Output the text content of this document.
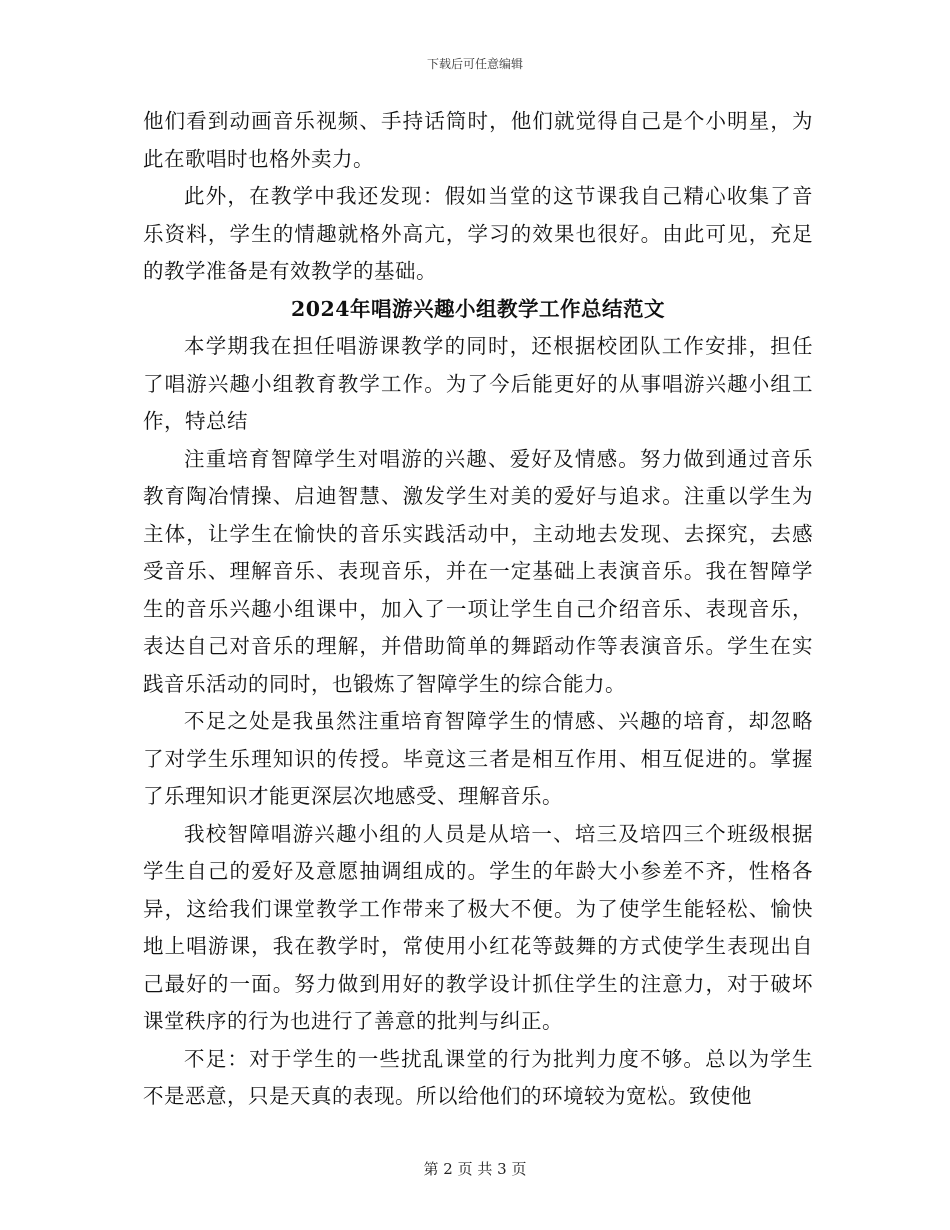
下载后可任意编辑

他们看到动画音乐视频、手持话筒时，他们就觉得自己是个小明星，为此在歌唱时也格外卖力。

此外，在教学中我还发现：假如当堂的这节课我自己精心收集了音乐资料，学生的情趣就格外高亢，学习的效果也很好。由此可见，充足的教学准备是有效教学的基础。

2024年唱游兴趣小组教学工作总结范文

本学期我在担任唱游课教学的同时，还根据校团队工作安排，担任了唱游兴趣小组教育教学工作。为了今后能更好的从事唱游兴趣小组工作，特总结

注重培育智障学生对唱游的兴趣、爱好及情感。努力做到通过音乐教育陶冶情操、启迪智慧、激发学生对美的爱好与追求。注重以学生为主体，让学生在愉快的音乐实践活动中，主动地去发现、去探究，去感受音乐、理解音乐、表现音乐，并在一定基础上表演音乐。我在智障学生的音乐兴趣小组课中，加入了一项让学生自己介绍音乐、表现音乐，表达自己对音乐的理解，并借助简单的舞蹈动作等表演音乐。学生在实践音乐活动的同时，也锻炼了智障学生的综合能力。

不足之处是我虽然注重培育智障学生的情感、兴趣的培育，却忽略了对学生乐理知识的传授。毕竟这三者是相互作用、相互促进的。掌握了乐理知识才能更深层次地感受、理解音乐。

我校智障唱游兴趣小组的人员是从培一、培三及培四三个班级根据学生自己的爱好及意愿抽调组成的。学生的年龄大小参差不齐，性格各异，这给我们课堂教学工作带来了极大不便。为了使学生能轻松、愉快地上唱游课，我在教学时，常使用小红花等鼓舞的方式使学生表现出自己最好的一面。努力做到用好的教学设计抓住学生的注意力，对于破坏课堂秩序的行为也进行了善意的批判与纠正。

不足：对于学生的一些扰乱课堂的行为批判力度不够。总以为学生不是恶意，只是天真的表现。所以给他们的环境较为宽松。致使他

第 2 页 共 3 页
